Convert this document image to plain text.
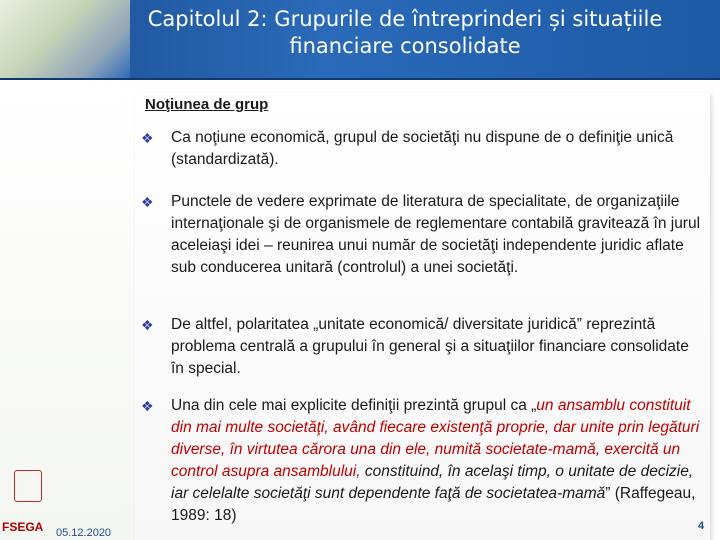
Capitolul 2: Grupurile de întreprinderi și situațiile financiare consolidate
Noţiunea de grup
❖	Ca noţiune economică, grupul de societăţi nu dispune de o definiţie unică (standardizată).
❖	Punctele de vedere exprimate de literatura de specialitate, de organizaţiile internaţionale şi de organismele de reglementare contabilă gravitează în jurul aceleiaşi idei – reunirea unui număr de societăţi independente juridic aflate sub conducerea unitară (controlul) a unei societăţi.
❖	De altfel, polaritatea „unitate economică/ diversitate juridică” reprezintă problema centrală a grupului în general şi a situaţiilor financiare consolidate în special.
❖	Una din cele mai explicite definiţii prezintă grupul ca „un ansamblu constituit din mai multe societăţi, având fiecare existenţă proprie, dar unite prin legături diverse, în virtutea cărora una din ele, numită societate-mamă, exercită un control asupra ansamblului, constituind, în acelaşi timp, o unitate de decizie, iar celelalte societăţi sunt dependente faţă de societatea-mamă” (Raffegeau, 1989: 18)
FSEGA 05.12.2020
4
